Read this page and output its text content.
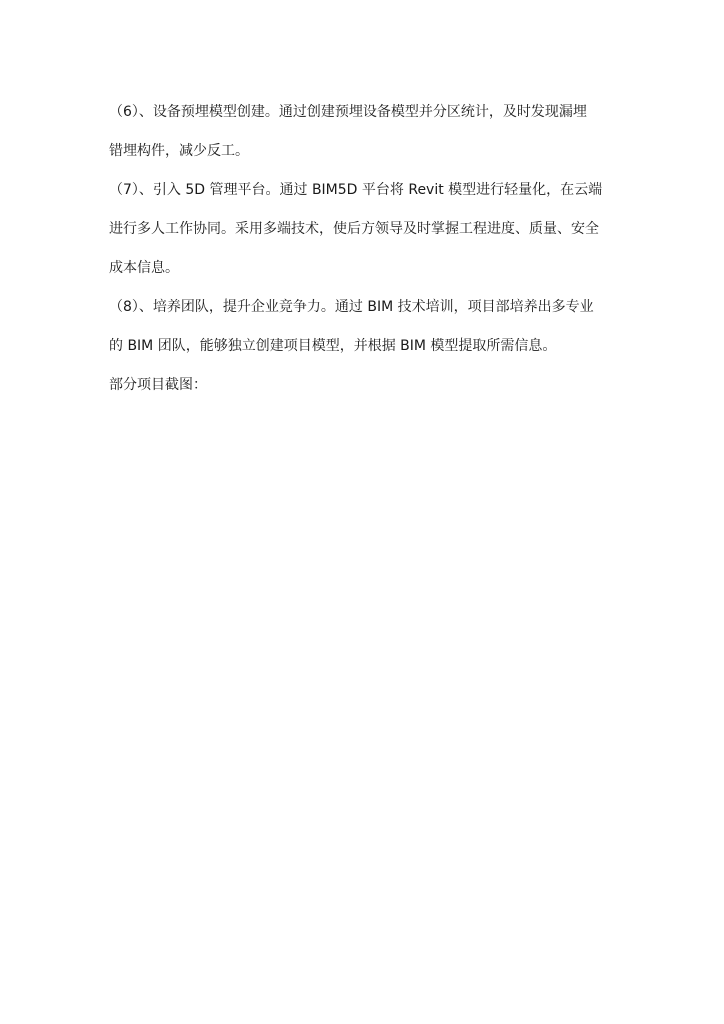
（6）、设备预埋模型创建。通过创建预埋设备模型并分区统计，及时发现漏埋
错埋构件，减少反工。
（7）、引入 5D 管理平台。通过 BIM5D 平台将 Revit 模型进行轻量化，在云端
进行多人工作协同。采用多端技术，使后方领导及时掌握工程进度、质量、安全
成本信息。
（8）、培养团队，提升企业竞争力。通过 BIM 技术培训，项目部培养出多专业
的 BIM 团队，能够独立创建项目模型，并根据 BIM 模型提取所需信息。
部分项目截图：
